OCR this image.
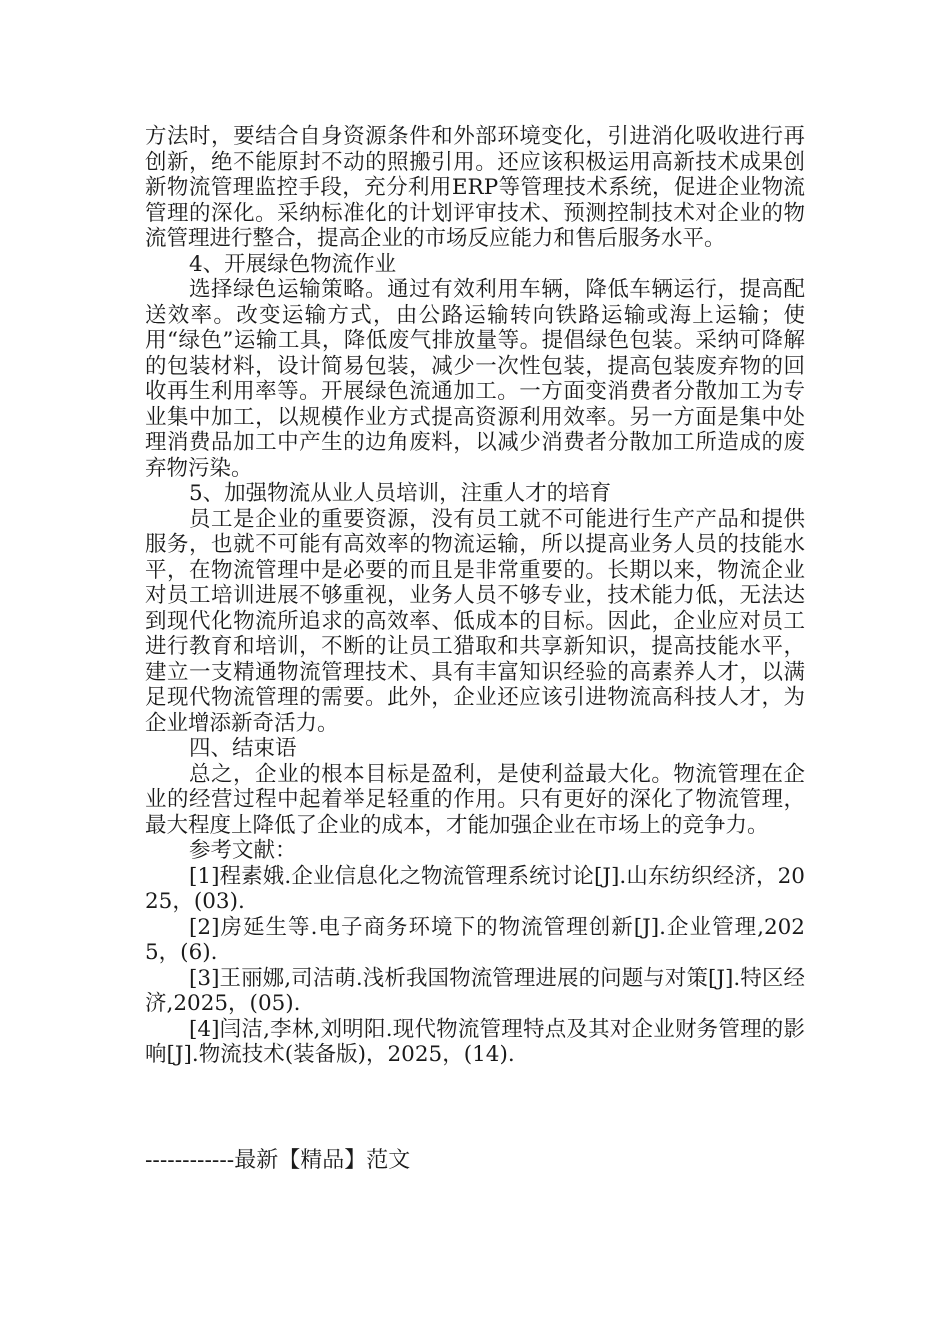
方法时，要结合自身资源条件和外部环境变化，引进消化吸收进行再创新，绝不能原封不动的照搬引用。还应该积极运用高新技术成果创新物流管理监控手段，充分利用ERP等管理技术系统，促进企业物流管理的深化。采纳标准化的计划评审技术、预测控制技术对企业的物流管理进行整合，提高企业的市场反应能力和售后服务水平。

4、开展绿色物流作业

选择绿色运输策略。通过有效利用车辆，降低车辆运行，提高配送效率。改变运输方式，由公路运输转向铁路运输或海上运输；使用“绿色”运输工具，降低废气排放量等。提倡绿色包装。采纳可降解的包装材料，设计简易包装，减少一次性包装，提高包装废弃物的回收再生利用率等。开展绿色流通加工。一方面变消费者分散加工为专业集中加工，以规模作业方式提高资源利用效率。另一方面是集中处理消费品加工中产生的边角废料，以减少消费者分散加工所造成的废弃物污染。

5、加强物流从业人员培训，注重人才的培育

员工是企业的重要资源，没有员工就不可能进行生产产品和提供服务，也就不可能有高效率的物流运输，所以提高业务人员的技能水平，在物流管理中是必要的而且是非常重要的。长期以来，物流企业对员工培训进展不够重视，业务人员不够专业，技术能力低，无法达到现代化物流所追求的高效率、低成本的目标。因此，企业应对员工进行教育和培训，不断的让员工猎取和共享新知识，提高技能水平，建立一支精通物流管理技术、具有丰富知识经验的高素养人才，以满足现代物流管理的需要。此外，企业还应该引进物流高科技人才，为企业增添新奇活力。

四、结束语

总之，企业的根本目标是盈利，是使利益最大化。物流管理在企业的经营过程中起着举足轻重的作用。只有更好的深化了物流管理，最大程度上降低了企业的成本，才能加强企业在市场上的竞争力。

参考文献：

[1]程素娥.企业信息化之物流管理系统讨论[J].山东纺织经济，2025，(03).

[2]房延生等.电子商务环境下的物流管理创新[J].企业管理,2025，(6).

[3]王丽娜,司洁萌.浅析我国物流管理进展的问题与对策[J].特区经济,2025，(05).

[4]闫洁,李林,刘明阳.现代物流管理特点及其对企业财务管理的影响[J].物流技术(装备版)，2025，(14).

------------最新【精品】范文
